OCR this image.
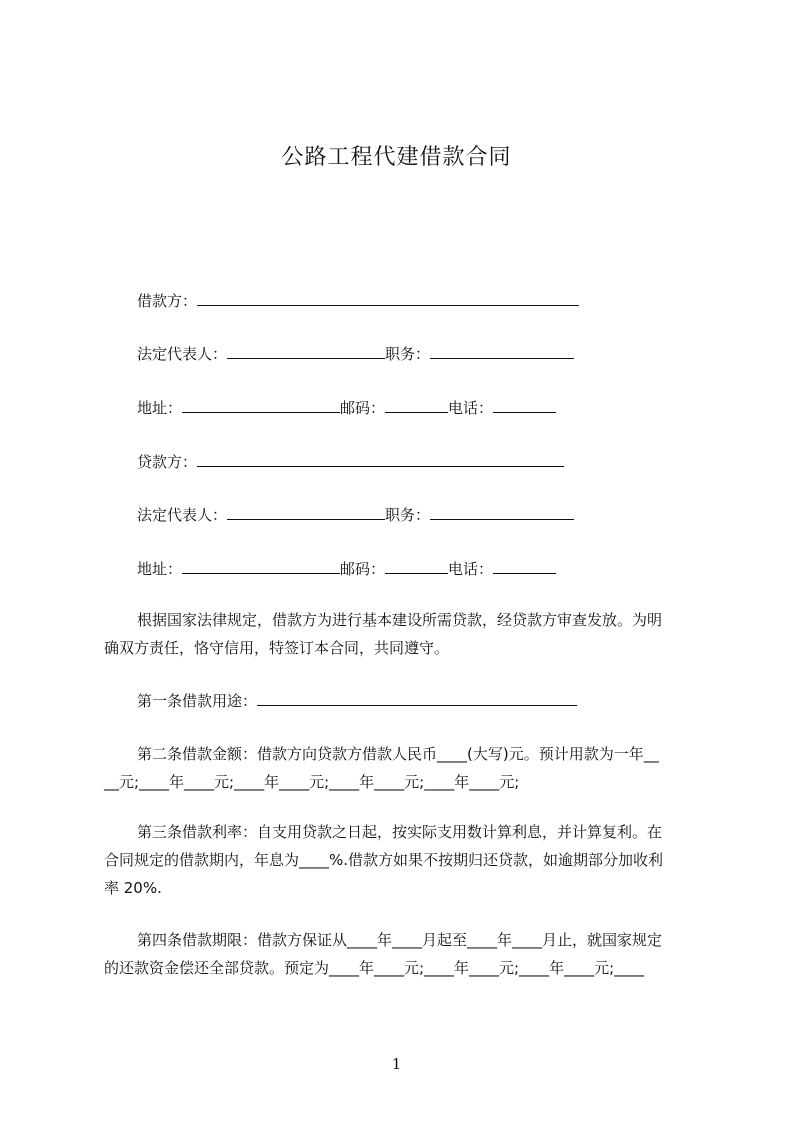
公路工程代建借款合同
借款方：
法定代表人：	职务：
地址：	邮码：	电话：
贷款方：
法定代表人：	职务：
地址：	邮码：	电话：
根据国家法律规定，借款方为进行基本建设所需贷款，经贷款方审查发放。为明
确双方责任，恪守信用，特签订本合同，共同遵守。
第一条借款用途：
第二条借款金额：借款方向贷款方借款人民币____(大写)元。预计用款为一年__
__元;____年____元;____年____元;____年____元;____年____元;
第三条借款利率：自支用贷款之日起，按实际支用数计算利息，并计算复利。在
合同规定的借款期内，年息为____%.借款方如果不按期归还贷款，如逾期部分加收利
率 20%.
第四条借款期限：借款方保证从____年____月起至____年____月止，就国家规定
的还款资金偿还全部贷款。预定为____年____元;____年____元;____年____元;____
1
